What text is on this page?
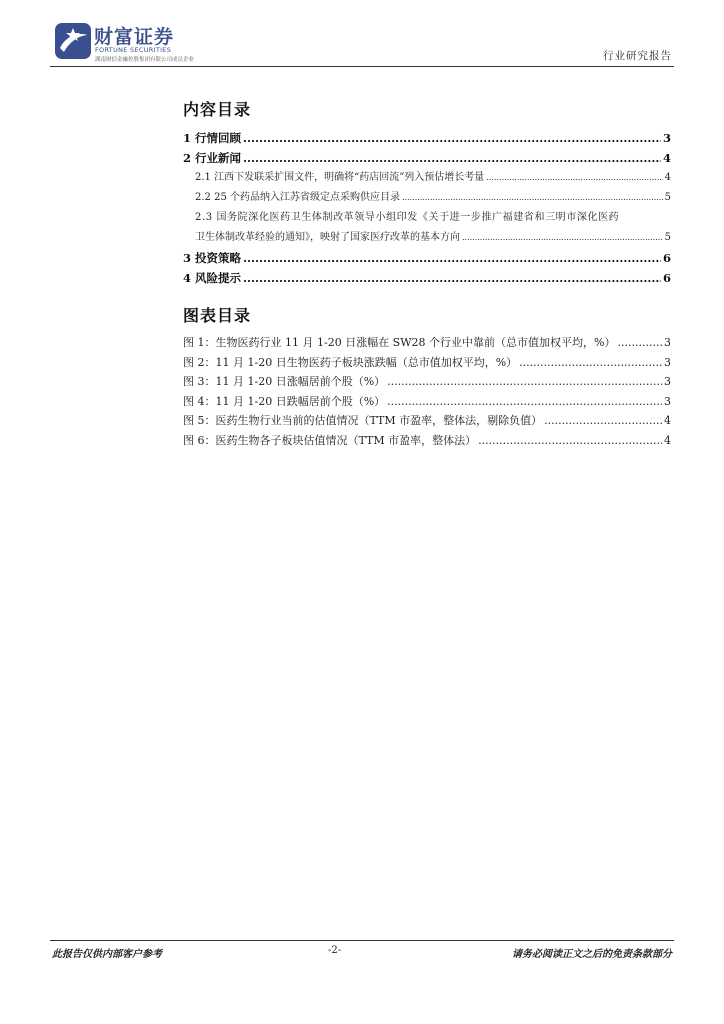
财富证券
FORTUNE SECURITIES
湖南财信金融控股集团有限公司成员企业	行业研究报告
内容目录
1 行情回顾 .....	3
2 行业新闻 .....	4
2.1 江西下发联采扩围文件，明确将“药店回流”列入预估增长考量 .....	4
2.2 25 个药品纳入江苏省级定点采购供应目录 .....	5
2.3 国务院深化医药卫生体制改革领导小组印发《关于进一步推广福建省和三明市深化医药
卫生体制改革经验的通知》，映射了国家医疗改革的基本方向 .....	5
3 投资策略 .....	6
4 风险提示 .....	6
图表目录
图 1：生物医药行业 11 月 1-20 日涨幅在 SW28 个行业中靠前（总市值加权平均，%） .....	3
图 2：11 月 1-20 日生物医药子板块涨跌幅（总市值加权平均，%） .....	3
图 3：11 月 1-20 日涨幅居前个股（%） .....	3
图 4：11 月 1-20 日跌幅居前个股（%） .....	3
图 5：医药生物行业当前的估值情况（TTM 市盈率，整体法，剔除负值） .....	4
图 6：医药生物各子板块估值情况（TTM 市盈率，整体法） .....	4
此报告仅供内部客户参考	-2-	请务必阅读正文之后的免责条款部分
